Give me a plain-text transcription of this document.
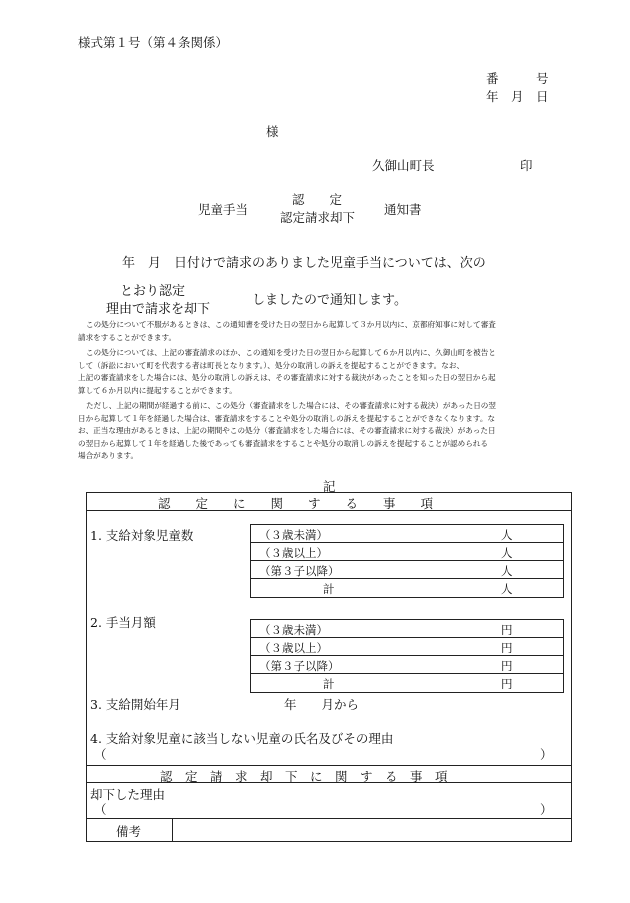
様式第１号（第４条関係）
番　　　号
年　月　日
様
久御山町長	印
児童手当
認　　定
認定請求却下
通知書
年　月　日付けで請求のありました児童手当については、次の
とおり認定
理由で請求を却下
しましたので通知します。
この処分について不服があるときは、この通知書を受けた日の翌日から起算して３か月以内に、京都府知事に対して審査
請求をすることができます。
この処分については、上記の審査請求のほか、この通知を受けた日の翌日から起算して６か月以内に、久御山町を被告と
して（訴訟において町を代表する者は町長となります。）、処分の取消しの訴えを提起することができます。なお、
上記の審査請求をした場合には、処分の取消しの訴えは、その審査請求に対する裁決があったことを知った日の翌日から起
算して６か月以内に提起することができます。
ただし、上記の期間が経過する前に、この処分（審査請求をした場合には、その審査請求に対する裁決）があった日の翌
日から起算して１年を経過した場合は、審査請求をすることや処分の取消しの訴えを提起することができなくなります。な
お、正当な理由があるときは、上記の期間やこの処分（審査請求をした場合には、その審査請求に対する裁決）があった日
の翌日から起算して１年を経過した後であっても審査請求をすることや処分の取消しの訴えを提起することが認められる
場合があります。
記
認　　定　　に　　関　　す　　る　　事　　項
1. 支給対象児童数	（３歳未満）	人
（３歳以上）	人
（第３子以降）	人
計	人
2. 手当月額	（３歳未満）	円
（３歳以上）	円
（第３子以降）	円
計	円
3. 支給開始年月	年　　月から
4. 支給対象児童に該当しない児童の氏名及びその理由
（	）
認　定　請　求　却　下　に　関　す　る　事　項
却下した理由
（	）
備考
